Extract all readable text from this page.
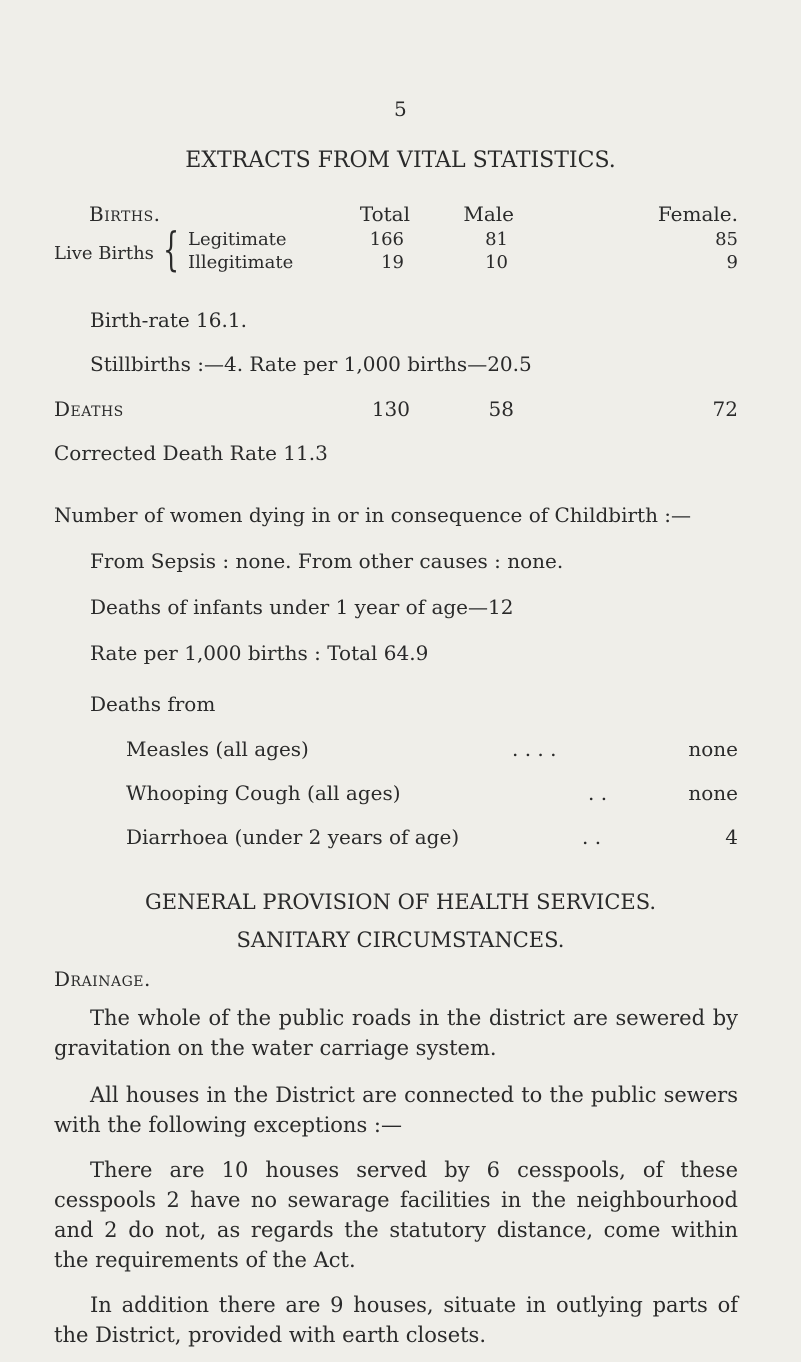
5
EXTRACTS FROM VITAL STATISTICS.
Births.	Total	Male	Female.
Live Births { Legitimate	166	81	85
Illegitimate	19	10	9
Birth-rate 16.1.
Stillbirths :—4. Rate per 1,000 births—20.5
Deaths	130	58	72
Corrected Death Rate 11.3
Number of women dying in or in consequence of Childbirth :—
From Sepsis : none. From other causes : none.
Deaths of infants under 1 year of age—12
Rate per 1,000 births : Total 64.9
Deaths from
Measles (all ages)	. . . .	none
Whooping Cough (all ages)	. .	none
Diarrhoea (under 2 years of age)	. .	4
GENERAL PROVISION OF HEALTH SERVICES.
SANITARY CIRCUMSTANCES.
Drainage.
The whole of the public roads in the district are sewered by gravitation on the water carriage system.
All houses in the District are connected to the public sewers with the following exceptions :—
There are 10 houses served by 6 cesspools, of these cesspools 2 have no sewarage facilities in the neighbourhood and 2 do not, as regards the statutory distance, come within the requirements of the Act.
In addition there are 9 houses, situate in outlying parts of the District, provided with earth closets.
